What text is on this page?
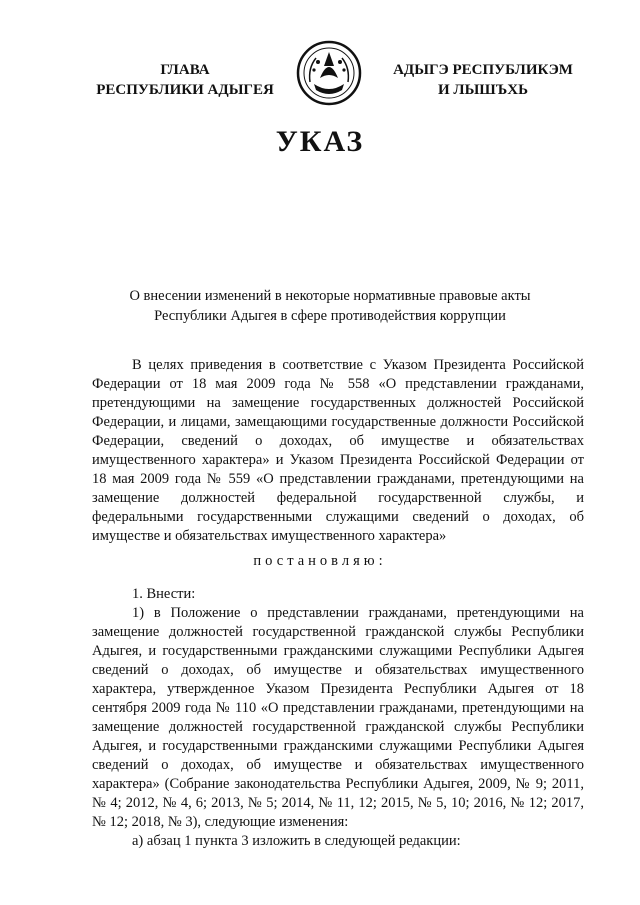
ГЛАВА
РЕСПУБЛИКИ АДЫГЕЯ
АДЫГЭ РЕСПУБЛИКЭМ
И ЛЫШЪХЬ
УКАЗ
О внесении изменений в некоторые нормативные правовые акты
Республики Адыгея в сфере противодействия коррупции

В целях приведения в соответствие с Указом Президента Российской Федерации от 18 мая 2009 года № 558 «О представлении гражданами, претендующими на замещение государственных должностей Российской Федерации, и лицами, замещающими государственные должности Российской Федерации, сведений о доходах, об имуществе и обязательствах имущественного характера» и Указом Президента Российской Федерации от 18 мая 2009 года № 559 «О представлении гражданами, претендующими на замещение должностей федеральной государственной службы, и федеральными государственными служащими сведений о доходах, об имуществе и обязательствах имущественного характера»

постановляю:

1. Внести:

1) в Положение о представлении гражданами, претендующими на замещение должностей государственной гражданской службы Республики Адыгея, и государственными гражданскими служащими Республики Адыгея сведений о доходах, об имуществе и обязательствах имущественного характера, утвержденное Указом Президента Республики Адыгея от 18 сентября 2009 года № 110 «О представлении гражданами, претендующими на замещение должностей государственной гражданской службы Республики Адыгея, и государственными гражданскими служащими Республики Адыгея сведений о доходах, об имуществе и обязательствах имущественного характера» (Собрание законодательства Республики Адыгея, 2009, № 9; 2011, № 4; 2012, № 4, 6; 2013, № 5; 2014, № 11, 12; 2015, № 5, 10; 2016, № 12; 2017, № 12; 2018, № 3), следующие изменения:

а) абзац 1 пункта 3 изложить в следующей редакции:
